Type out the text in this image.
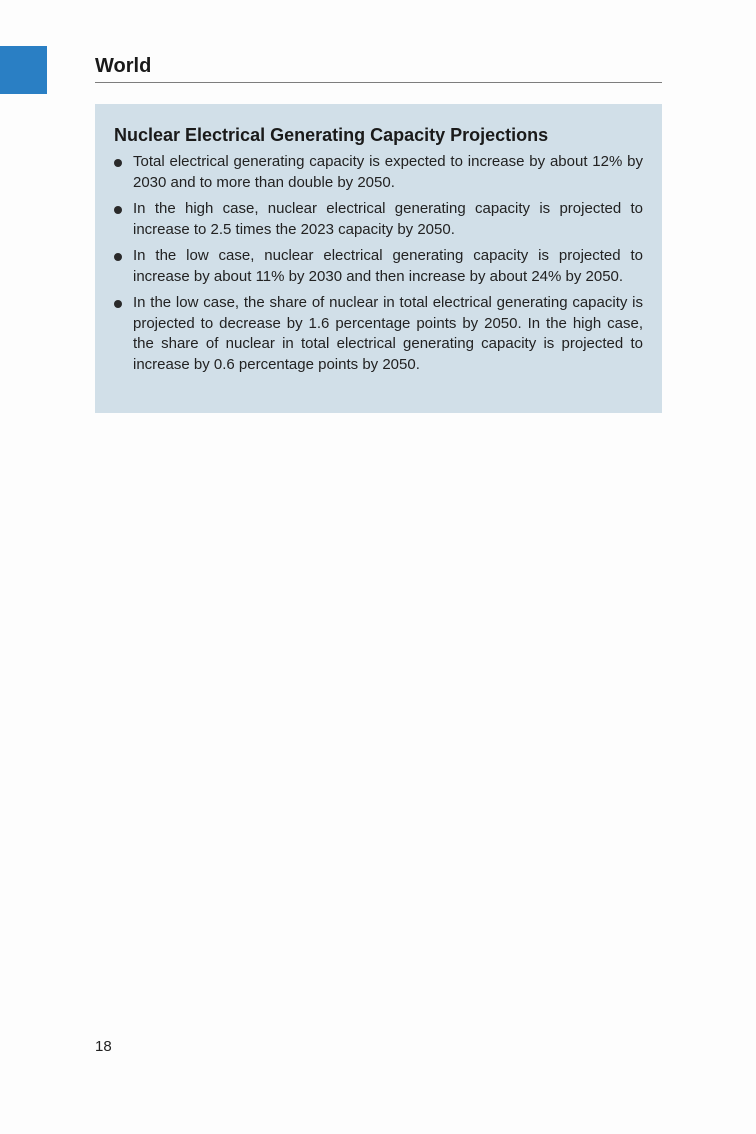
World
Nuclear Electrical Generating Capacity Projections
Total electrical generating capacity is expected to increase by about 12% by 2030 and to more than double by 2050.
In the high case, nuclear electrical generating capacity is projected to increase to 2.5 times the 2023 capacity by 2050.
In the low case, nuclear electrical generating capacity is projected to increase by about 11% by 2030 and then increase by about 24% by 2050.
In the low case, the share of nuclear in total electrical generating capacity is projected to decrease by 1.6 percentage points by 2050. In the high case, the share of nuclear in total electrical generating capacity is projected to increase by 0.6 percentage points by 2050.
18
